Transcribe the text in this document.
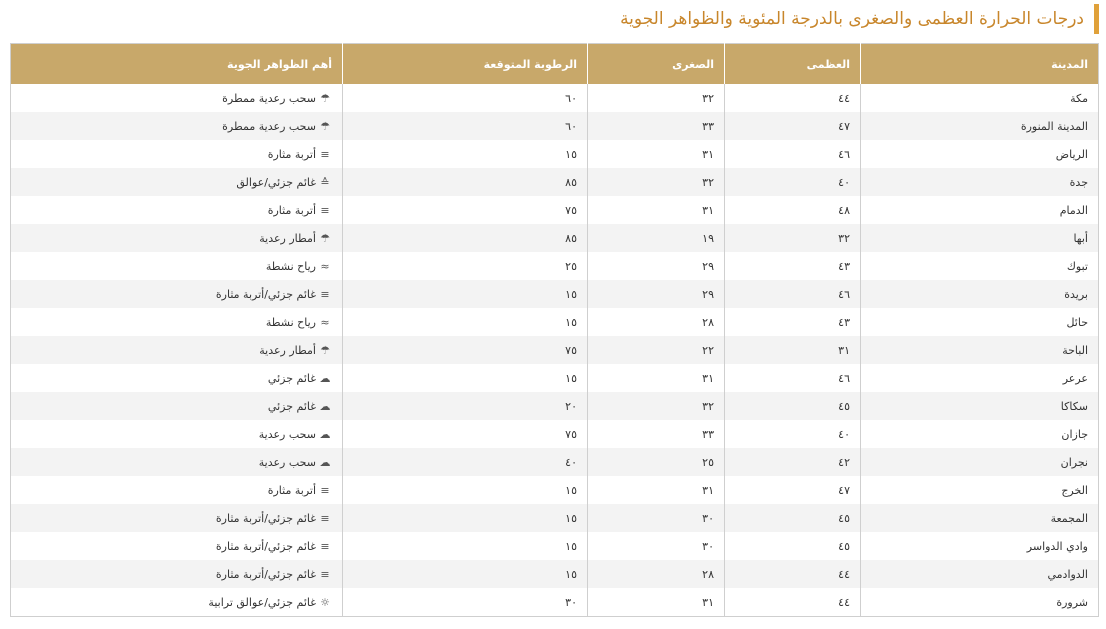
درجات الحرارة العظمى والصغرى بالدرجة المئوية والظواهر الجوية
المدينة	العظمى	الصغرى	الرطوبة المتوقعة	أهم الظواهر الجوية
مكة	٤٤	٣٢	٦٠	☂سحب رعدية ممطرة
المدينة المنورة	٤٧	٣٣	٦٠	☂سحب رعدية ممطرة
الرياض	٤٦	٣١	١٥	≡أتربة مثارة
جدة	٤٠	٣٢	٨٥	≙غائم جزئي/عوالق
الدمام	٤٨	٣١	٧٥	≡أتربة مثارة
أبها	٣٢	١٩	٨٥	☂أمطار رعدية
تبوك	٤٣	٢٩	٢٥	≈رياح نشطة
بريدة	٤٦	٢٩	١٥	≡غائم جزئي/أتربة مثارة
حائل	٤٣	٢٨	١٥	≈رياح نشطة
الباحة	٣١	٢٢	٧٥	☂أمطار رعدية
عرعر	٤٦	٣١	١٥	☁غائم جزئي
سكاكا	٤٥	٣٢	٢٠	☁غائم جزئي
جازان	٤٠	٣٣	٧٥	☁سحب رعدية
نجران	٤٢	٢٥	٤٠	☁سحب رعدية
الخرج	٤٧	٣١	١٥	≡أتربة مثارة
المجمعة	٤٥	٣٠	١٥	≡غائم جزئي/أتربة مثارة
وادي الدواسر	٤٥	٣٠	١٥	≡غائم جزئي/أتربة مثارة
الدوادمي	٤٤	٢٨	١٥	≡غائم جزئي/أتربة مثارة
شرورة	٤٤	٣١	٣٠	☼غائم جزئي/عوالق ترابية
